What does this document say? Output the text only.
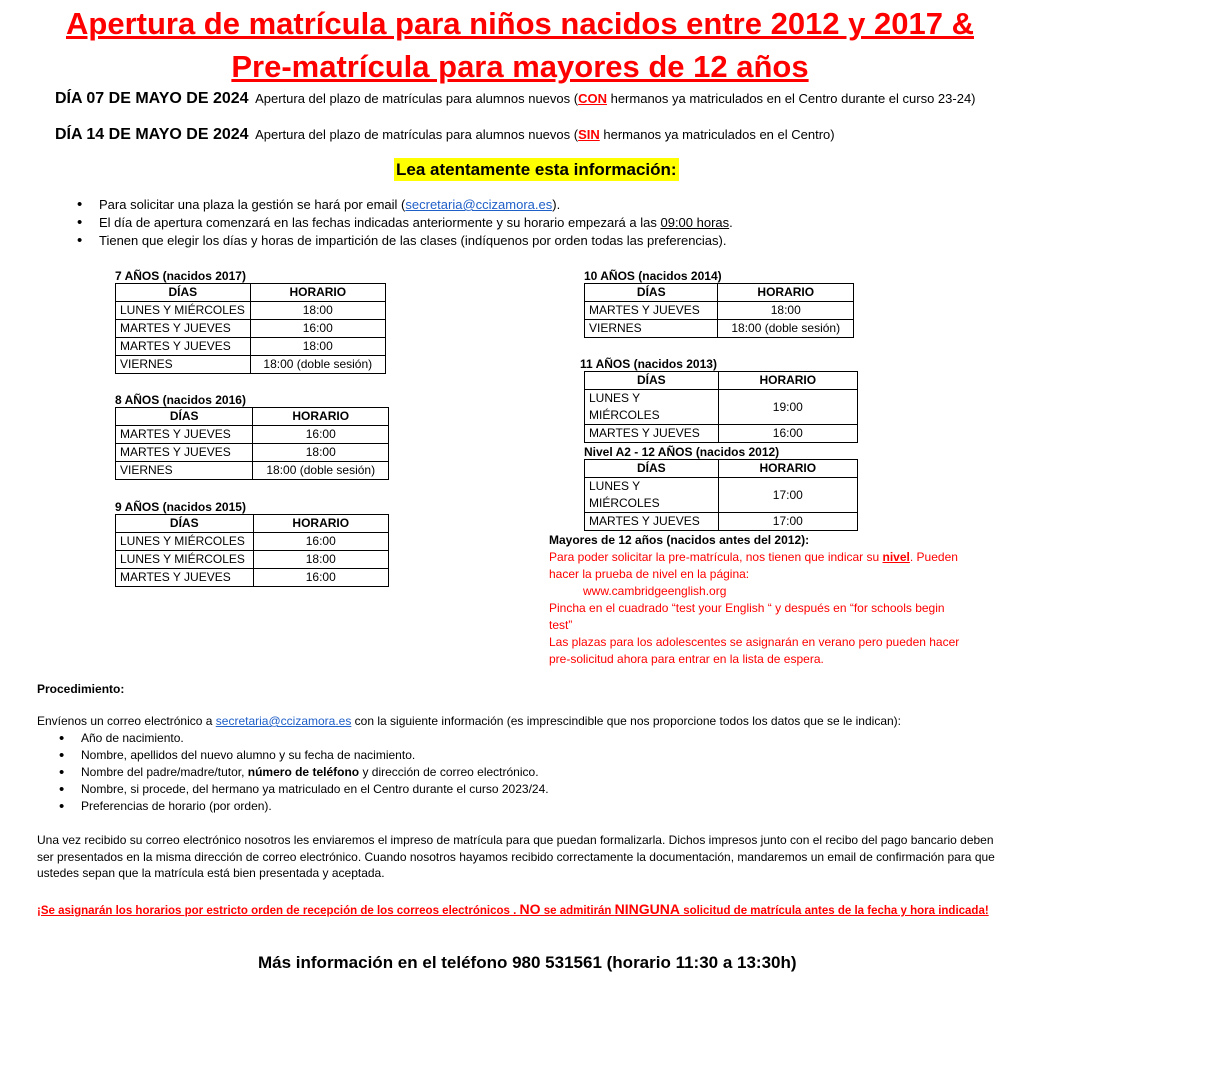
Apertura de matrícula para niños nacidos entre 2012 y 2017 &
Pre-matrícula para mayores de 12 años
DÍA 07 DE MAYO DE 2024 Apertura del plazo de matrículas para alumnos nuevos (CON hermanos ya matriculados en el Centro durante el curso 23-24)
DÍA 14 DE MAYO DE 2024 Apertura del plazo de matrículas para alumnos nuevos (SIN hermanos ya matriculados en el Centro)
Lea atentamente esta información:
• Para solicitar una plaza la gestión se hará por email (secretaria@ccizamora.es).
• El día de apertura comenzará en las fechas indicadas anteriormente y su horario empezará a las 09:00 horas.
• Tienen que elegir los días y horas de impartición de las clases (indíquenos por orden todas las preferencias).
7 AÑOS (nacidos 2017)
DÍAS	HORARIO
LUNES Y MIÉRCOLES	18:00
MARTES Y JUEVES	16:00
MARTES Y JUEVES	18:00
VIERNES	18:00 (doble sesión)
8 AÑOS (nacidos 2016)
DÍAS	HORARIO
MARTES Y JUEVES	16:00
MARTES Y JUEVES	18:00
VIERNES	18:00 (doble sesión)
9 AÑOS (nacidos 2015)
DÍAS	HORARIO
LUNES Y MIÉRCOLES	16:00
LUNES Y MIÉRCOLES	18:00
MARTES Y JUEVES	16:00
10 AÑOS (nacidos 2014)
DÍAS	HORARIO
MARTES Y JUEVES	18:00
VIERNES	18:00 (doble sesión)
11 AÑOS (nacidos 2013)
DÍAS	HORARIO
LUNES Y MIÉRCOLES	19:00
MARTES Y JUEVES	16:00
Nivel A2 - 12 AÑOS (nacidos 2012)
DÍAS	HORARIO
LUNES Y MIÉRCOLES	17:00
MARTES Y JUEVES	17:00
Mayores de 12 años (nacidos antes del 2012):
Para poder solicitar la pre-matrícula, nos tienen que indicar su nivel. Pueden
hacer la prueba de nivel en la página:
www.cambridgeenglish.org
Pincha en el cuadrado “test your English “ y después en “for schools begin
test”
Las plazas para los adolescentes se asignarán en verano pero pueden hacer
pre-solicitud ahora para entrar en la lista de espera.
Procedimiento:
Envíenos un correo electrónico a secretaria@ccizamora.es con la siguiente información (es imprescindible que nos proporcione todos los datos que se le indican):
• Año de nacimiento.
• Nombre, apellidos del nuevo alumno y su fecha de nacimiento.
• Nombre del padre/madre/tutor, número de teléfono y dirección de correo electrónico.
• Nombre, si procede, del hermano ya matriculado en el Centro durante el curso 2023/24.
• Preferencias de horario (por orden).
Una vez recibido su correo electrónico nosotros les enviaremos el impreso de matrícula para que puedan formalizarla. Dichos impresos junto con el recibo del pago bancario deben
ser presentados en la misma dirección de correo electrónico. Cuando nosotros hayamos recibido correctamente la documentación, mandaremos un email de confirmación para que
ustedes sepan que la matrícula está bien presentada y aceptada.
¡Se asignarán los horarios por estricto orden de recepción de los correos electrónicos . NO se admitirán NINGUNA solicitud de matrícula antes de la fecha y hora indicada!
Más información en el teléfono 980 531561 (horario 11:30 a 13:30h)
